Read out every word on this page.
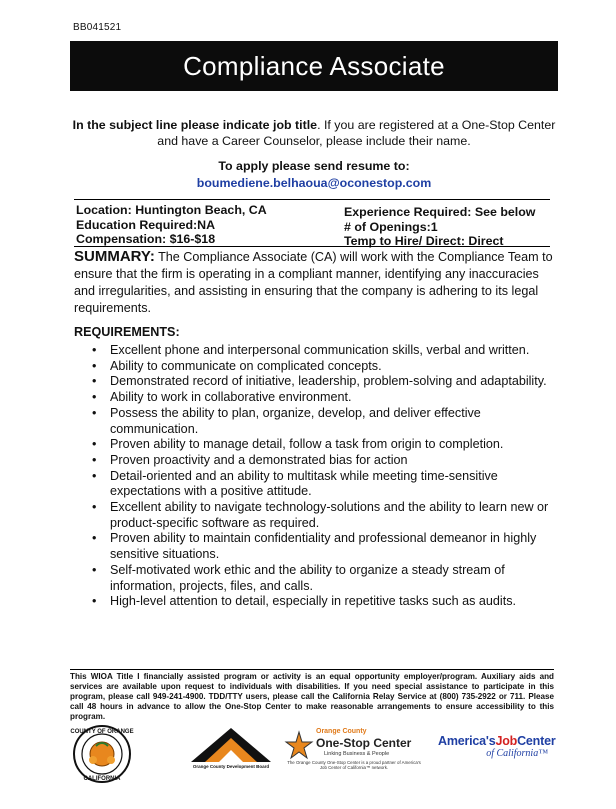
BB041521
Compliance Associate
In the subject line please indicate job title. If you are registered at a One-Stop Center
and have a Career Counselor, please include their name.
To apply please send resume to:
boumediene.belhaoua@oconestop.com
Location: Huntington Beach, CA
Education Required:NA
Compensation: $16-$18
Experience Required: See below
# of Openings:1
Temp to Hire/ Direct: Direct
SUMMARY: The Compliance Associate (CA) will work with the Compliance Team to ensure that the firm is operating in a compliant manner, identifying any inaccuracies and irregularities, and assisting in ensuring that the company is adhering to its legal requirements.
REQUIREMENTS:
• Excellent phone and interpersonal communication skills, verbal and written.
• Ability to communicate on complicated concepts.
• Demonstrated record of initiative, leadership, problem-solving and adaptability.
• Ability to work in collaborative environment.
• Possess the ability to plan, organize, develop, and deliver effective communication.
• Proven ability to manage detail, follow a task from origin to completion.
• Proven proactivity and a demonstrated bias for action
• Detail-oriented and an ability to multitask while meeting time-sensitive expectations with a positive attitude.
• Excellent ability to navigate technology-solutions and the ability to learn new or product-specific software as required.
• Proven ability to maintain confidentiality and professional demeanor in highly sensitive situations.
• Self-motivated work ethic and the ability to organize a steady stream of information, projects, files, and calls.
• High-level attention to detail, especially in repetitive tasks such as audits.
This WIOA Title I financially assisted program or activity is an equal opportunity employer/program. Auxiliary aids and services are available upon request to individuals with disabilities. If you need special assistance to participate in this program, please call 949-241-4900. TDD/TTY users, please call the California Relay Service at (800) 735-2922 or 711. Please call 48 hours in advance to allow the One-Stop Center to make reasonable arrangements to ensure accessibility to this program.
COUNTY OF ORANGE
CALIFORNIA
Orange County Development Board
Orange County
One-Stop Center
Linking Business & People
The Orange County One-Stop Center is a proud partner of America's Job Center of California™ network.
America'sJobCenter
of California™
